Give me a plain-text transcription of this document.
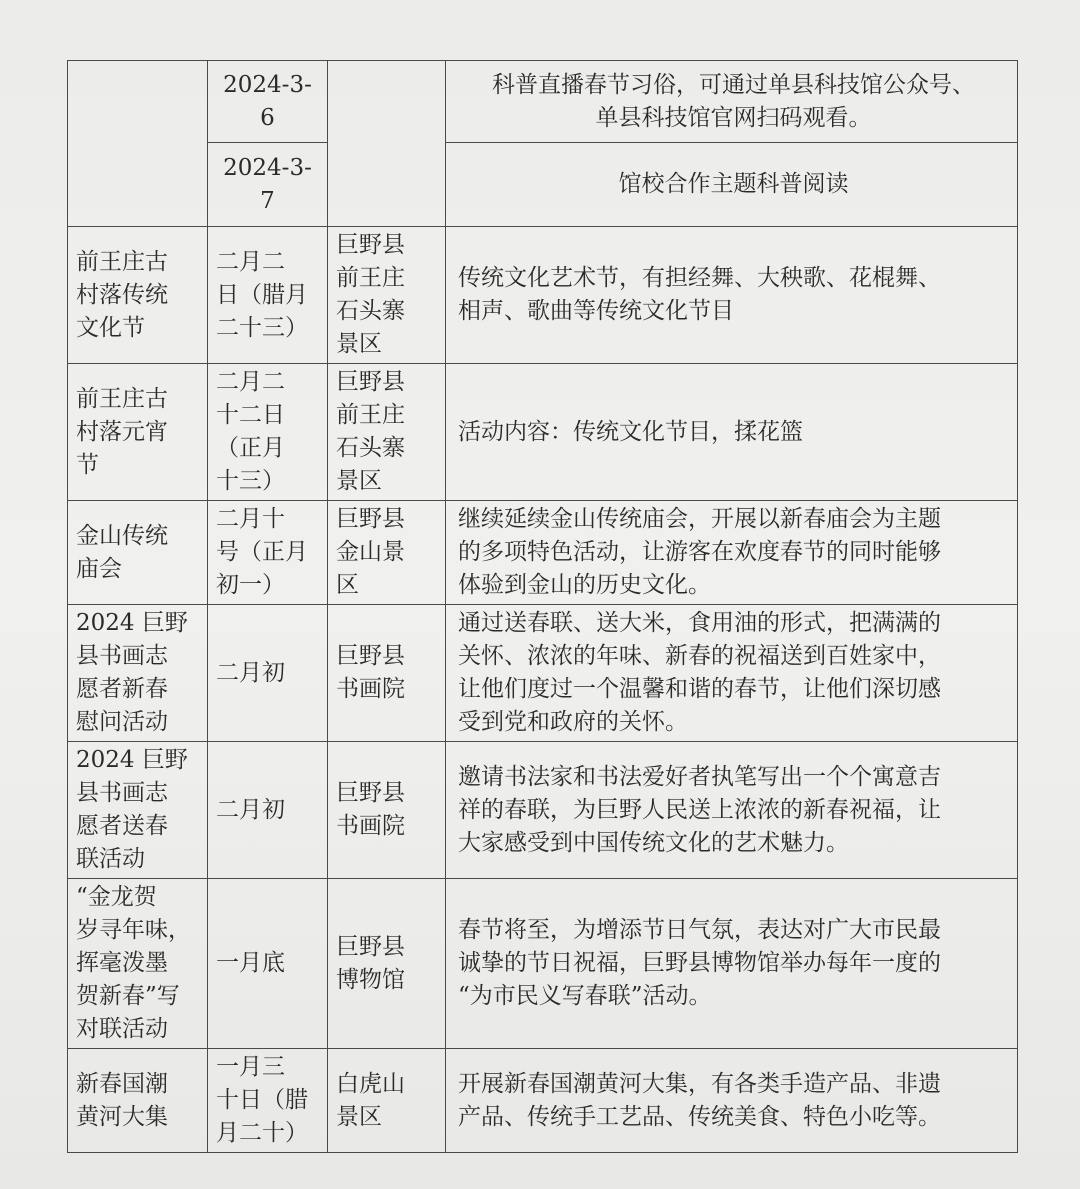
	2024-3-
6		科普直播春节习俗，可通过单县科技馆公众号、
单县科技馆官网扫码观看。
	2024-3-
7		馆校合作主题科普阅读
前王庄古
村落传统
文化节	二月二
日（腊月
二十三）	巨野县
前王庄
石头寨
景区	传统文化艺术节，有担经舞、大秧歌、花棍舞、
相声、歌曲等传统文化节目
前王庄古
村落元宵
节	二月二
十二日
（正月
十三）	巨野县
前王庄
石头寨
景区	活动内容：传统文化节目，揉花篮
金山传统
庙会	二月十
号（正月
初一）	巨野县
金山景
区	继续延续金山传统庙会，开展以新春庙会为主题
的多项特色活动，让游客在欢度春节的同时能够
体验到金山的历史文化。
2024 巨野
县书画志
愿者新春
慰问活动	二月初	巨野县
书画院	通过送春联、送大米，食用油的形式，把满满的
关怀、浓浓的年味、新春的祝福送到百姓家中，
让他们度过一个温馨和谐的春节，让他们深切感
受到党和政府的关怀。
2024 巨野
县书画志
愿者送春
联活动	二月初	巨野县
书画院	邀请书法家和书法爱好者执笔写出一个个寓意吉
祥的春联，为巨野人民送上浓浓的新春祝福，让
大家感受到中国传统文化的艺术魅力。
“金龙贺
岁寻年味，
挥毫泼墨
贺新春”写
对联活动	一月底	巨野县
博物馆	春节将至，为增添节日气氛，表达对广大市民最
诚挚的节日祝福，巨野县博物馆举办每年一度的
“为市民义写春联”活动。
新春国潮
黄河大集	一月三
十日（腊
月二十）	白虎山
景区	开展新春国潮黄河大集，有各类手造产品、非遗
产品、传统手工艺品、传统美食、特色小吃等。
